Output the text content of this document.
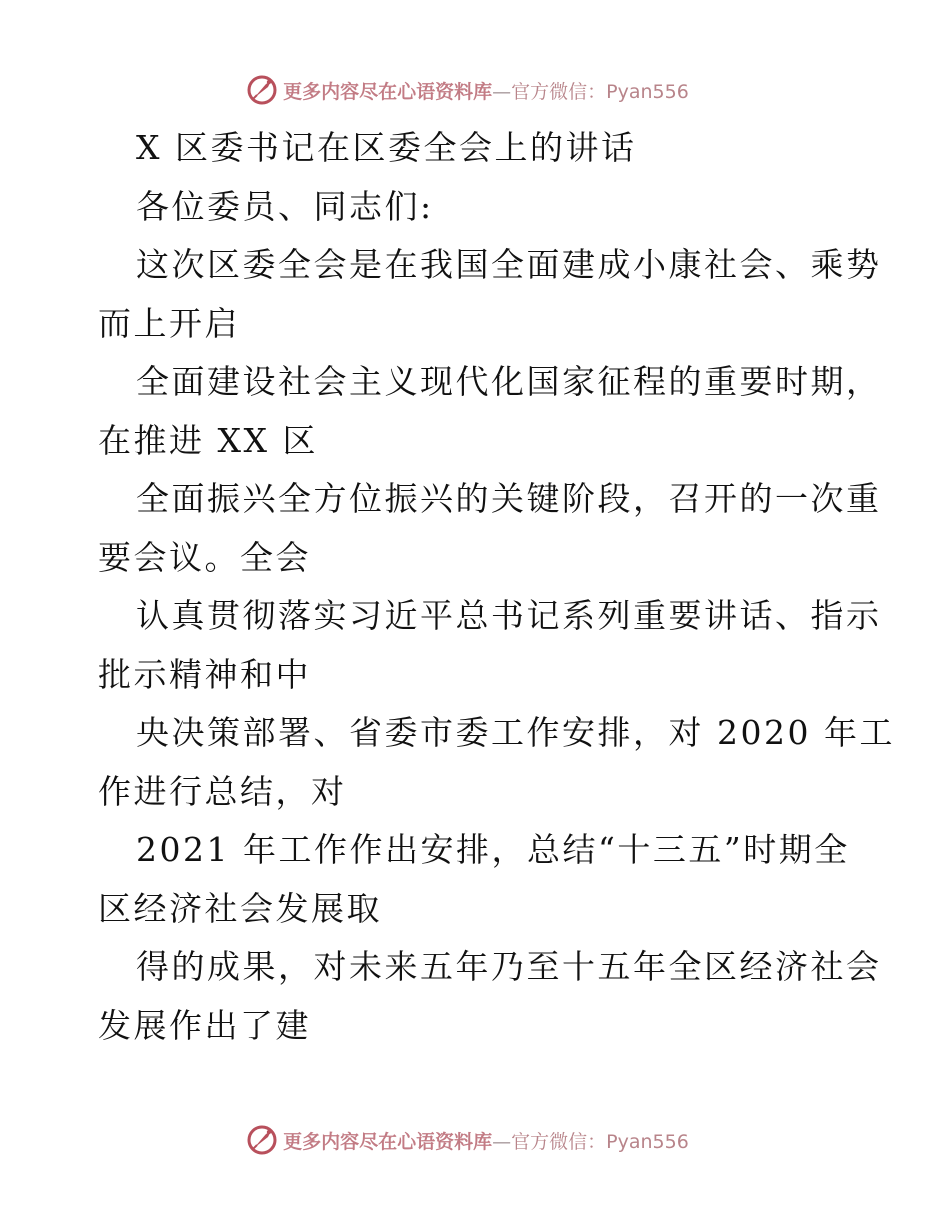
更多内容尽在心语资料库—官方微信：Pyan556
X 区委书记在区委全会上的讲话
各位委员、同志们:
这次区委全会是在我国全面建成小康社会、乘势
而上开启
全面建设社会主义现代化国家征程的重要时期，
在推进 XX 区
全面振兴全方位振兴的关键阶段，召开的一次重
要会议。全会
认真贯彻落实习近平总书记系列重要讲话、指示
批示精神和中
央决策部署、省委市委工作安排，对 2020 年工
作进行总结，对
2021 年工作作出安排，总结“十三五”时期全
区经济社会发展取
得的成果，对未来五年乃至十五年全区经济社会
发展作出了建
更多内容尽在心语资料库—官方微信：Pyan556
